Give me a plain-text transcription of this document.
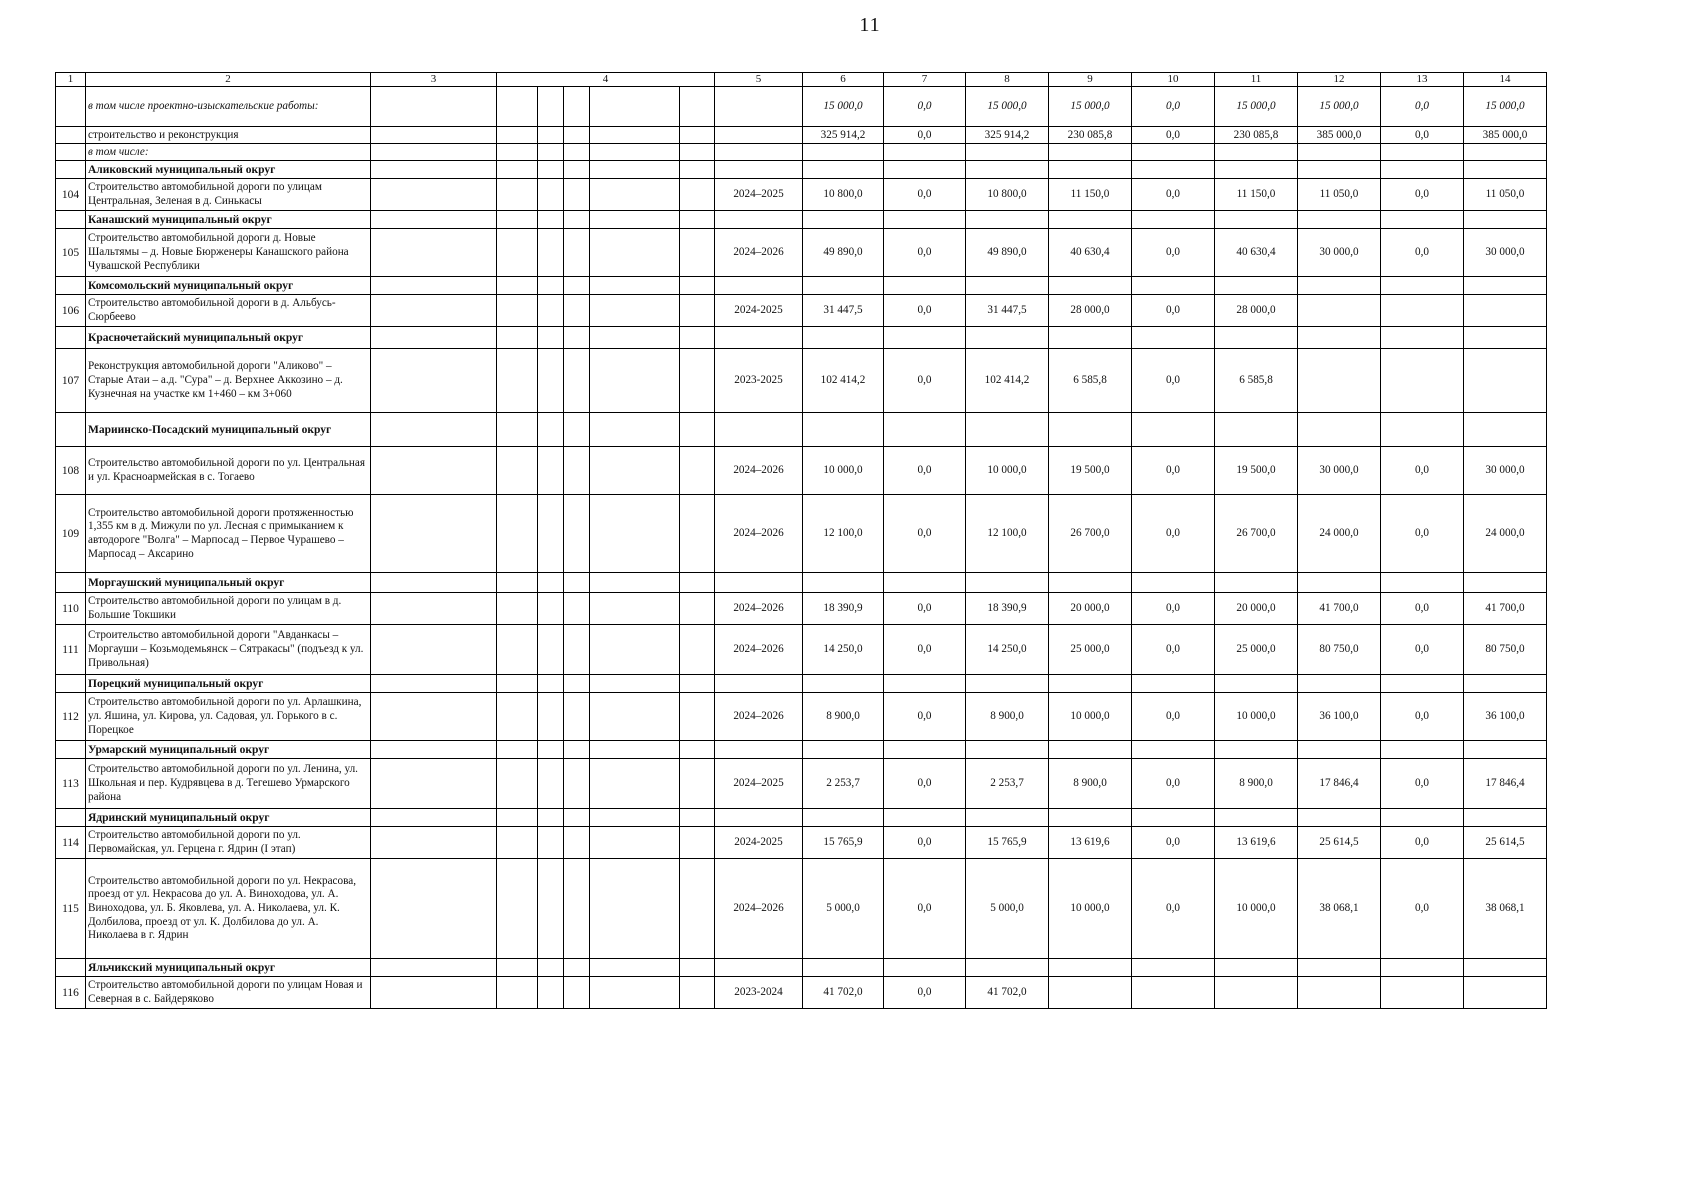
11
1	2	3	4					5	6	7	8	9	10	11	12	13	14
	в том числе проектно-изыскательские работы:								15 000,0	0,0	15 000,0	15 000,0	0,0	15 000,0	15 000,0	0,0	15 000,0
	строительство и реконструкция								325 914,2	0,0	325 914,2	230 085,8	0,0	230 085,8	385 000,0	0,0	385 000,0
	в том числе:																
	Аликовский муниципальный округ																
104	Строительство автомобильной дороги по улицам Центральная, Зеленая в д. Синькасы							2024–2025	10 800,0	0,0	10 800,0	11 150,0	0,0	11 150,0	11 050,0	0,0	11 050,0
	Канашский муниципальный округ																
105	Строительство автомобильной дороги д. Новые Шальтямы – д. Новые Бюрженеры Канашского района Чувашской Республики							2024–2026	49 890,0	0,0	49 890,0	40 630,4	0,0	40 630,4	30 000,0	0,0	30 000,0
	Комсомольский муниципальный округ																
106	Строительство автомобильной дороги в д. Альбусь-Сюрбеево							2024-2025	31 447,5	0,0	31 447,5	28 000,0	0,0	28 000,0			
	Красночетайский муниципальный округ																
107	Реконструкция автомобильной дороги "Аликово" – Старые Атаи – а.д. "Сура" – д. Верхнее Аккозино – д. Кузнечная на участке км 1+460 – км 3+060							2023-2025	102 414,2	0,0	102 414,2	6 585,8	0,0	6 585,8			
	Мариинско-Посадский муниципальный округ																
108	Строительство автомобильной дороги по ул. Центральная и ул. Красноармейская в с. Тогаево							2024–2026	10 000,0	0,0	10 000,0	19 500,0	0,0	19 500,0	30 000,0	0,0	30 000,0
109	Строительство автомобильной дороги протяженностью 1,355 км в д. Мижули по ул. Лесная с примыканием к автодороге "Волга" – Марпосад – Первое Чурашево – Марпосад – Аксарино							2024–2026	12 100,0	0,0	12 100,0	26 700,0	0,0	26 700,0	24 000,0	0,0	24 000,0
	Моргаушский муниципальный округ																
110	Строительство автомобильной дороги по улицам в д. Большие Токшики							2024–2026	18 390,9	0,0	18 390,9	20 000,0	0,0	20 000,0	41 700,0	0,0	41 700,0
111	Строительство автомобильной дороги "Авданкасы – Моргауши – Козьмодемьянск – Сятракасы" (подъезд к ул. Привольная)							2024–2026	14 250,0	0,0	14 250,0	25 000,0	0,0	25 000,0	80 750,0	0,0	80 750,0
	Порецкий муниципальный округ																
112	Строительство автомобильной дороги по ул. Арлашкина, ул. Яшина, ул. Кирова, ул. Садовая, ул. Горького в с. Порецкое							2024–2026	8 900,0	0,0	8 900,0	10 000,0	0,0	10 000,0	36 100,0	0,0	36 100,0
	Урмарский муниципальный округ																
113	Строительство автомобильной дороги по ул. Ленина, ул. Школьная и пер. Кудрявцева в д. Тегешево Урмарского района							2024–2025	2 253,7	0,0	2 253,7	8 900,0	0,0	8 900,0	17 846,4	0,0	17 846,4
	Ядринский муниципальный округ																
114	Строительство автомобильной дороги по ул. Первомайская, ул. Герцена г. Ядрин (I этап)							2024-2025	15 765,9	0,0	15 765,9	13 619,6	0,0	13 619,6	25 614,5	0,0	25 614,5
115	Строительство автомобильной дороги по ул. Некрасова, проезд от ул. Некрасова до ул. А. Виноходова, ул. А. Виноходова, ул. Б. Яковлева, ул. А. Николаева, ул. К. Долбилова, проезд от ул. К. Долбилова до ул. А. Николаева в г. Ядрин							2024–2026	5 000,0	0,0	5 000,0	10 000,0	0,0	10 000,0	38 068,1	0,0	38 068,1
	Яльчикский муниципальный округ																
116	Строительство автомобильной дороги по улицам Новая и Северная в с. Байдеряково							2023-2024	41 702,0	0,0	41 702,0						
